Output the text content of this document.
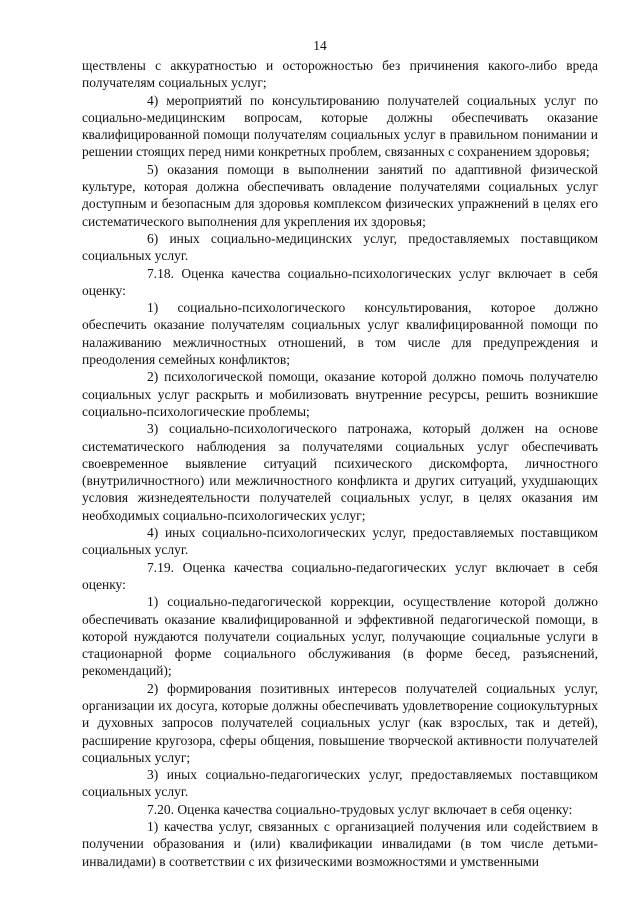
14

ществлены с аккуратностью и осторожностью без причинения какого-либо вреда получателям социальных услуг;

4) мероприятий по консультированию получателей социальных услуг по социально-медицинским вопросам, которые должны обеспечивать оказание квалифицированной помощи получателям социальных услуг в правильном понимании и решении стоящих перед ними конкретных проблем, связанных с сохранением здоровья;

5) оказания помощи в выполнении занятий по адаптивной физической культуре, которая должна обеспечивать овладение получателями социальных услуг доступным и безопасным для здоровья комплексом физических упражнений в целях его систематического выполнения для укрепления их здоровья;

6) иных социально-медицинских услуг, предоставляемых поставщиком социальных услуг.

7.18. Оценка качества социально-психологических услуг включает в себя оценку:

1) социально-психологического консультирования, которое должно обеспечить оказание получателям социальных услуг квалифицированной помощи по налаживанию межличностных отношений, в том числе для предупреждения и преодоления семейных конфликтов;

2) психологической помощи, оказание которой должно помочь получателю социальных услуг раскрыть и мобилизовать внутренние ресурсы, решить возникшие социально-психологические проблемы;

3) социально-психологического патронажа, который должен на основе систематического наблюдения за получателями социальных услуг обеспечивать своевременное выявление ситуаций психического дискомфорта, личностного (внутриличностного) или межличностного конфликта и других ситуаций, ухудшающих условия жизнедеятельности получателей социальных услуг, в целях оказания им необходимых социально-психологических услуг;

4) иных социально-психологических услуг, предоставляемых поставщиком социальных услуг.

7.19. Оценка качества социально-педагогических услуг включает в себя оценку:

1) социально-педагогической коррекции, осуществление которой должно обеспечивать оказание квалифицированной и эффективной педагогической помощи, в которой нуждаются получатели социальных услуг, получающие социальные услуги в стационарной форме социального обслуживания (в форме бесед, разъяснений, рекомендаций);

2) формирования позитивных интересов получателей социальных услуг, организации их досуга, которые должны обеспечивать удовлетворение социокультурных и духовных запросов получателей социальных услуг (как взрослых, так и детей), расширение кругозора, сферы общения, повышение творческой активности получателей социальных услуг;

3) иных социально-педагогических услуг, предоставляемых поставщиком социальных услуг.

7.20. Оценка качества социально-трудовых услуг включает в себя оценку:

1) качества услуг, связанных с организацией получения или содействием в получении образования и (или) квалификации инвалидами (в том числе детьми-инвалидами) в соответствии с их физическими возможностями и умственными
